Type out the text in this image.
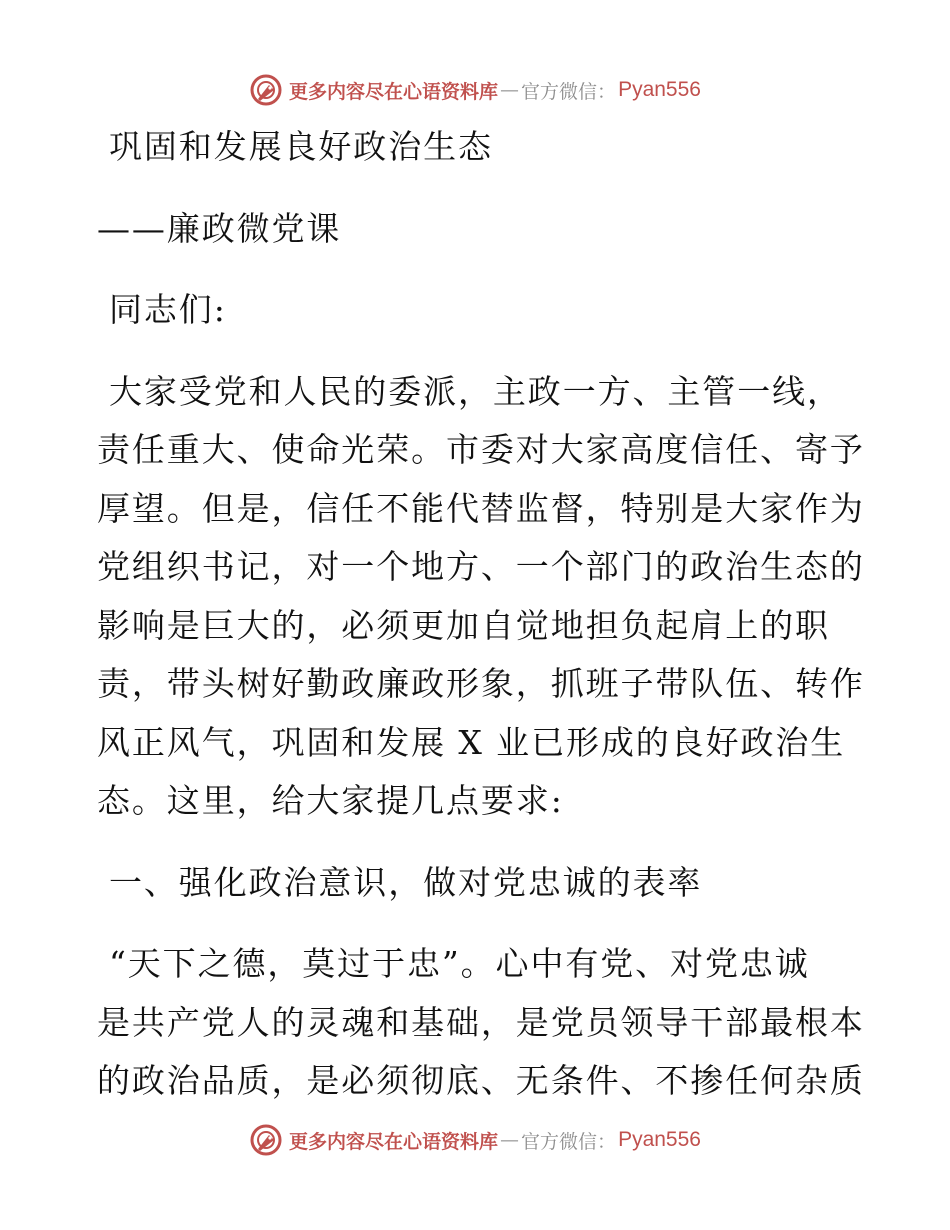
更多内容尽在心语资料库 — 官方微信： Pyan556
巩固和发展良好政治生态
——廉政微党课
同志们:
大家受党和人民的委派，主政一方、主管一线，
责任重大、使命光荣。市委对大家高度信任、寄予
厚望。但是，信任不能代替监督，特别是大家作为
党组织书记，对一个地方、一个部门的政治生态的
影响是巨大的，必须更加自觉地担负起肩上的职
责，带头树好勤政廉政形象，抓班子带队伍、转作
风正风气，巩固和发展 X 业已形成的良好政治生
态。这里，给大家提几点要求:
一、强化政治意识，做对党忠诚的表率
“天下之德，莫过于忠”。心中有党、对党忠诚
是共产党人的灵魂和基础，是党员领导干部最根本
的政治品质，是必须彻底、无条件、不掺任何杂质
更多内容尽在心语资料库 — 官方微信： Pyan556
